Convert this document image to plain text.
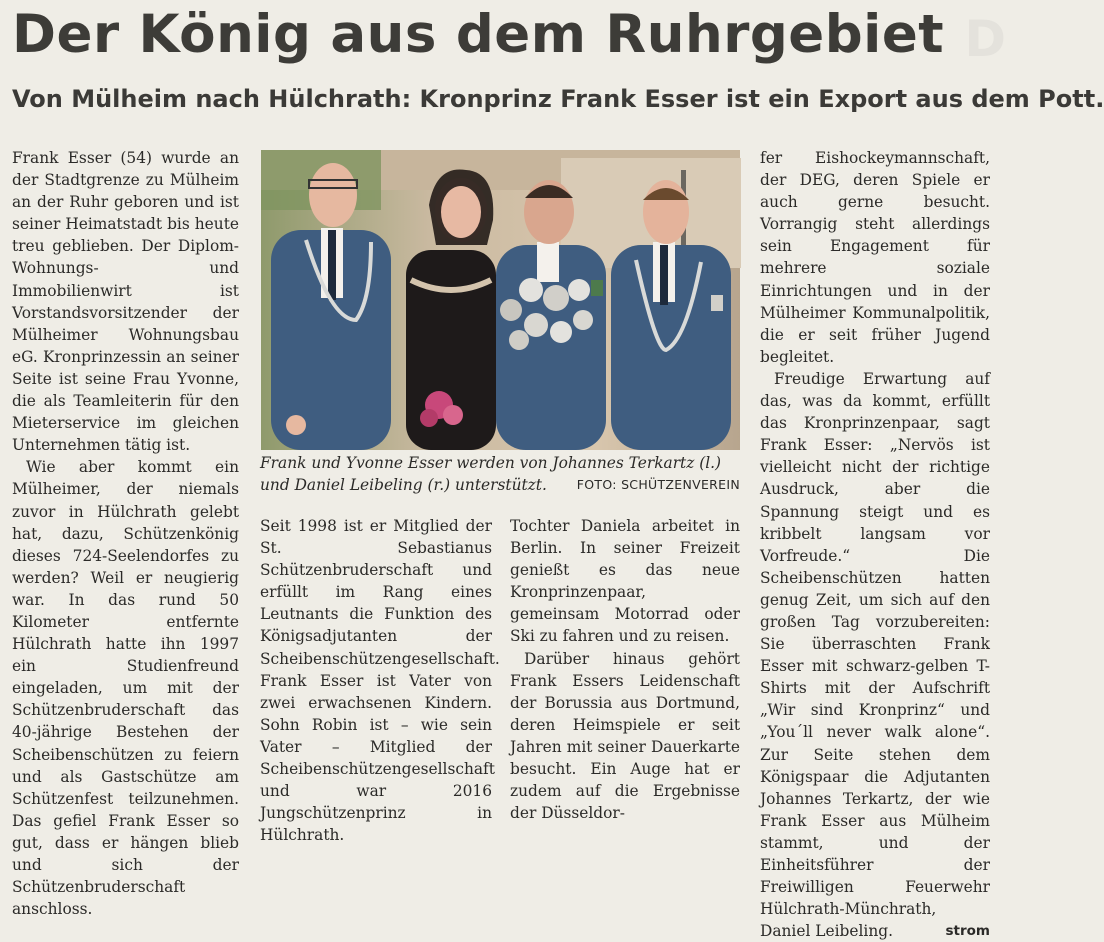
D
Der König aus dem Ruhrgebiet
Von Mülheim nach Hülchrath: Kronprinz Frank Esser ist ein Export aus dem Pott.

Frank Esser (54) wurde an der Stadtgrenze zu Mülheim an der Ruhr geboren und ist seiner Heimatstadt bis heute treu geblieben. Der Diplom-Wohnungs- und Immobilienwirt ist Vorstandsvorsitzender der Mülheimer Wohnungsbau eG. Kronprinzessin an seiner Seite ist seine Frau Yvonne, die als Teamleiterin für den Mieterservice im gleichen Unternehmen tätig ist.

Wie aber kommt ein Mülheimer, der niemals zuvor in Hülchrath gelebt hat, dazu, Schützenkönig dieses 724-Seelendorfes zu werden? Weil er neugierig war. In das rund 50 Kilometer entfernte Hülchrath hatte ihn 1997 ein Studienfreund eingeladen, um mit der Schützenbruderschaft das 40-jährige Bestehen der Scheibenschützen zu feiern und als Gastschütze am Schützenfest teilzunehmen. Das gefiel Frank Esser so gut, dass er hängen blieb und sich der Schützenbruderschaft anschloss.

Frank und Yvonne Esser werden von Johannes Terkartz (l.) und Daniel Leibeling (r.) unterstützt. FOTO: SCHÜTZENVEREIN

Seit 1998 ist er Mitglied der St. Sebastianus Schützenbruderschaft und erfüllt im Rang eines Leutnants die Funktion des Königsadjutanten der Scheibenschützengesellschaft. Frank Esser ist Vater von zwei erwachsenen Kindern. Sohn Robin ist – wie sein Vater – Mitglied der Scheibenschützengesellschaft und war 2016 Jungschützenprinz in Hülchrath.

Tochter Daniela arbeitet in Berlin. In seiner Freizeit genießt es das neue Kronprinzenpaar, gemeinsam Motorrad oder Ski zu fahren und zu reisen.

Darüber hinaus gehört Frank Essers Leidenschaft der Borussia aus Dortmund, deren Heimspiele er seit Jahren mit seiner Dauerkarte besucht. Ein Auge hat er zudem auf die Ergebnisse der Düsseldor-

fer Eishockeymannschaft, der DEG, deren Spiele er auch gerne besucht. Vorrangig steht allerdings sein Engagement für mehrere soziale Einrichtungen und in der Mülheimer Kommunalpolitik, die er seit früher Jugend begleitet.

Freudige Erwartung auf das, was da kommt, erfüllt das Kronprinzenpaar, sagt Frank Esser: „Nervös ist vielleicht nicht der richtige Ausdruck, aber die Spannung steigt und es kribbelt langsam vor Vorfreude.“ Die Scheibenschützen hatten genug Zeit, um sich auf den großen Tag vorzubereiten: Sie überraschten Frank Esser mit schwarz-gelben T-Shirts mit der Aufschrift „Wir sind Kronprinz“ und „You´ll never walk alone“. Zur Seite stehen dem Königspaar die Adjutanten Johannes Terkartz, der wie Frank Esser aus Mülheim stammt, und der Einheitsführer der Freiwilligen Feuerwehr Hülchrath-Münchrath, Daniel Leibeling.	strom
